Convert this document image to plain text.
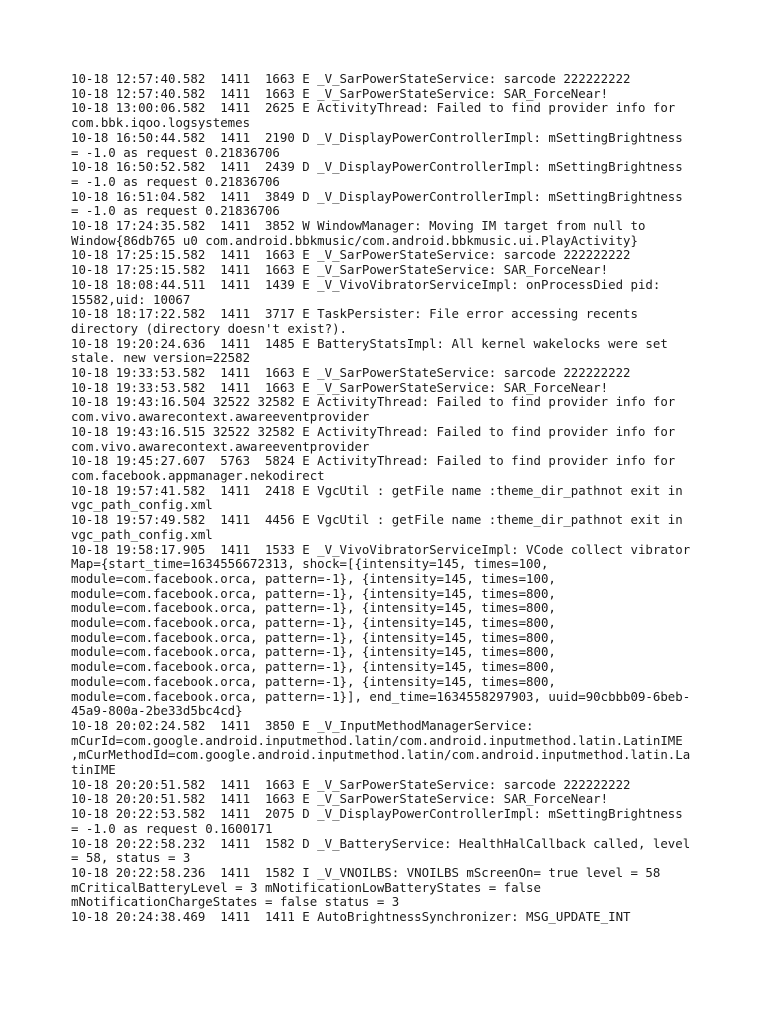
10-18 12:57:40.582  1411  1663 E _V_SarPowerStateService: sarcode 222222222
10-18 12:57:40.582  1411  1663 E _V_SarPowerStateService: SAR_ForceNear!
10-18 13:00:06.582  1411  2625 E ActivityThread: Failed to find provider info for
com.bbk.iqoo.logsystemes
10-18 16:50:44.582  1411  2190 D _V_DisplayPowerControllerImpl: mSettingBrightness
= -1.0 as request 0.21836706
10-18 16:50:52.582  1411  2439 D _V_DisplayPowerControllerImpl: mSettingBrightness
= -1.0 as request 0.21836706
10-18 16:51:04.582  1411  3849 D _V_DisplayPowerControllerImpl: mSettingBrightness
= -1.0 as request 0.21836706
10-18 17:24:35.582  1411  3852 W WindowManager: Moving IM target from null to
Window{86db765 u0 com.android.bbkmusic/com.android.bbkmusic.ui.PlayActivity}
10-18 17:25:15.582  1411  1663 E _V_SarPowerStateService: sarcode 222222222
10-18 17:25:15.582  1411  1663 E _V_SarPowerStateService: SAR_ForceNear!
10-18 18:08:44.511  1411  1439 E _V_VivoVibratorServiceImpl: onProcessDied pid:
15582,uid: 10067
10-18 18:17:22.582  1411  3717 E TaskPersister: File error accessing recents
directory (directory doesn't exist?).
10-18 19:20:24.636  1411  1485 E BatteryStatsImpl: All kernel wakelocks were set
stale. new version=22582
10-18 19:33:53.582  1411  1663 E _V_SarPowerStateService: sarcode 222222222
10-18 19:33:53.582  1411  1663 E _V_SarPowerStateService: SAR_ForceNear!
10-18 19:43:16.504 32522 32582 E ActivityThread: Failed to find provider info for
com.vivo.awarecontext.awareeventprovider
10-18 19:43:16.515 32522 32582 E ActivityThread: Failed to find provider info for
com.vivo.awarecontext.awareeventprovider
10-18 19:45:27.607  5763  5824 E ActivityThread: Failed to find provider info for
com.facebook.appmanager.nekodirect
10-18 19:57:41.582  1411  2418 E VgcUtil : getFile name :theme_dir_pathnot exit in
vgc_path_config.xml
10-18 19:57:49.582  1411  4456 E VgcUtil : getFile name :theme_dir_pathnot exit in
vgc_path_config.xml
10-18 19:58:17.905  1411  1533 E _V_VivoVibratorServiceImpl: VCode collect vibrator
Map={start_time=1634556672313, shock=[{intensity=145, times=100,
module=com.facebook.orca, pattern=-1}, {intensity=145, times=100,
module=com.facebook.orca, pattern=-1}, {intensity=145, times=800,
module=com.facebook.orca, pattern=-1}, {intensity=145, times=800,
module=com.facebook.orca, pattern=-1}, {intensity=145, times=800,
module=com.facebook.orca, pattern=-1}, {intensity=145, times=800,
module=com.facebook.orca, pattern=-1}, {intensity=145, times=800,
module=com.facebook.orca, pattern=-1}, {intensity=145, times=800,
module=com.facebook.orca, pattern=-1}, {intensity=145, times=800,
module=com.facebook.orca, pattern=-1}], end_time=1634558297903, uuid=90cbbb09-6beb-
45a9-800a-2be33d5bc4cd}
10-18 20:02:24.582  1411  3850 E _V_InputMethodManagerService:
mCurId=com.google.android.inputmethod.latin/com.android.inputmethod.latin.LatinIME
,mCurMethodId=com.google.android.inputmethod.latin/com.android.inputmethod.latin.La
tinIME
10-18 20:20:51.582  1411  1663 E _V_SarPowerStateService: sarcode 222222222
10-18 20:20:51.582  1411  1663 E _V_SarPowerStateService: SAR_ForceNear!
10-18 20:22:53.582  1411  2075 D _V_DisplayPowerControllerImpl: mSettingBrightness
= -1.0 as request 0.1600171
10-18 20:22:58.232  1411  1582 D _V_BatteryService: HealthHalCallback called, level
= 58, status = 3
10-18 20:22:58.236  1411  1582 I _V_VNOILBS: VNOILBS mScreenOn= true level = 58
mCriticalBatteryLevel = 3 mNotificationLowBatteryStates = false
mNotificationChargeStates = false status = 3
10-18 20:24:38.469  1411  1411 E AutoBrightnessSynchronizer: MSG_UPDATE_INT
